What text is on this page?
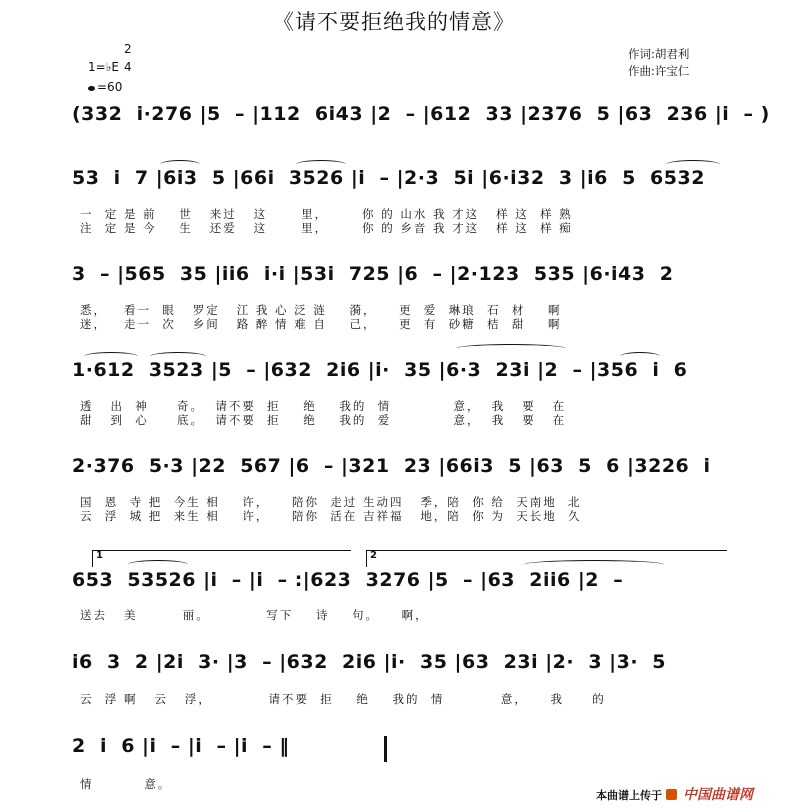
《请不要拒绝我的情意》
作词:胡君利
作曲:许宝仁
1=♭E
2
4
=60
(332  i·276 |5  – |112  6i43 |2  – |612  33 |2376  5 |63  236 |i  – )
53  i  7 |6i3  5 |66i  3526 |i  – |2·3  5i |6·i32  3 |i6  5  6532
3  – |565  35 |ii6  i·i |53i  725 |6  – |2·123  535 |6·i43  2
1·612  3523 |5  – |632  2i6 |i·  35 |6·3  23i |2  – |356  i  6
2·376  5·3 |22  567 |6  – |321  23 |66i3  5 |63  5  6 |3226  i
653  53526 |i  – |i  – :|623  3276 |5  – |63  2ii6 |2  –
i6  3  2 |2i  3· |3  – |632  2i6 |i·  35 |63  23i |2·  3 |3·  5
2  i  6 |i  – |i  – |i  – ‖
1	2
一  定 是 前    世   来过   这      里，      你 的 山水 我 才这   样 这  样 熟
注  定 是 今    生   还爱   这      里，      你 的 乡音 我 才这   样 这  样 痴
悉，   看一  眼   罗定   江 我 心 泛 涟    漪，    更  爱  琳琅  石  材    啊
迷，   走一  次   乡间   路 醉 情 难 自    己，    更  有  砂糖  桔  甜    啊
透   出  神     奇。  请不要  拒    绝    我的  情           意，  我   要   在
甜   到  心     底。  请不要  拒    绝    我的  爱           意，  我   要   在
国  恩  寺 把  今生 相    许，    陪你  走过 生动四   季，陪  你 给  天南地  北
云  浮  城 把  来生 相    许，    陪你  活在 吉祥福   地，陪  你 为  天长地  久
送去   美        丽。          写下    诗    句。    啊，
云  浮 啊   云   浮，          请不要  拒    绝    我的  情          意，    我     的
情         意。
本曲谱上传于 中国曲谱网
